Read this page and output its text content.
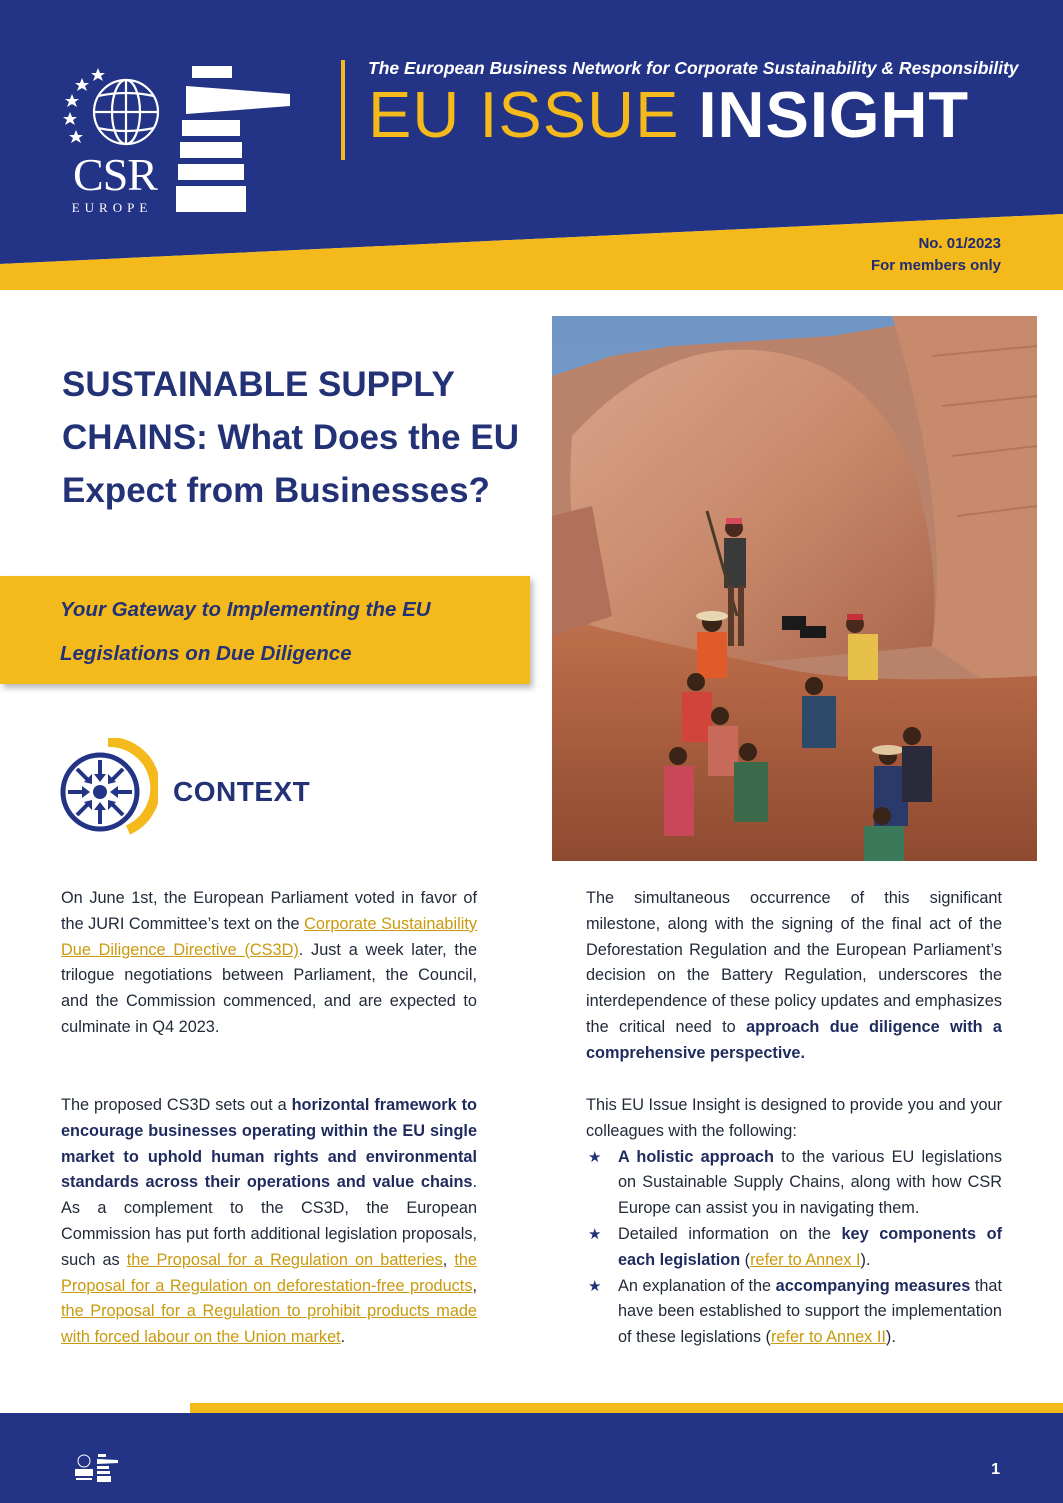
CSR
EUROPE
The European Business Network for Corporate Sustainability & Responsibility
EU ISSUE INSIGHT
No. 01/2023
For members only
SUSTAINABLE SUPPLY
CHAINS: What Does the EU
Expect from Businesses?
Your Gateway to Implementing the EU
Legislations on Due Diligence
CONTEXT
On June 1st, the European Parliament voted in favor of the JURI Committee’s text on the Corporate Sustainability Due Diligence Directive (CS3D). Just a week later, the trilogue negotiations between Parliament, the Council, and the Commission commenced, and are expected to culminate in Q4 2023.
The proposed CS3D sets out a horizontal framework to encourage businesses operating within the EU single market to uphold human rights and environmental standards across their operations and value chains. As a complement to the CS3D, the European Commission has put forth additional legislation proposals, such as the Proposal for a Regulation on batteries, the Proposal for a Regulation on deforestation-free products, the Proposal for a Regulation to prohibit products made with forced labour on the Union market.
The simultaneous occurrence of this significant milestone, along with the signing of the final act of the Deforestation Regulation and the European Parliament’s decision on the Battery Regulation, underscores the interdependence of these policy updates and emphasizes the critical need to approach due diligence with a comprehensive perspective.
This EU Issue Insight is designed to provide you and your colleagues with the following:
★ A holistic approach to the various EU legislations on Sustainable Supply Chains, along with how CSR Europe can assist you in navigating them.
★ Detailed information on the key components of each legislation (refer to Annex I).
★ An explanation of the accompanying measures that have been established to support the implementation of these legislations (refer to Annex II).
1
